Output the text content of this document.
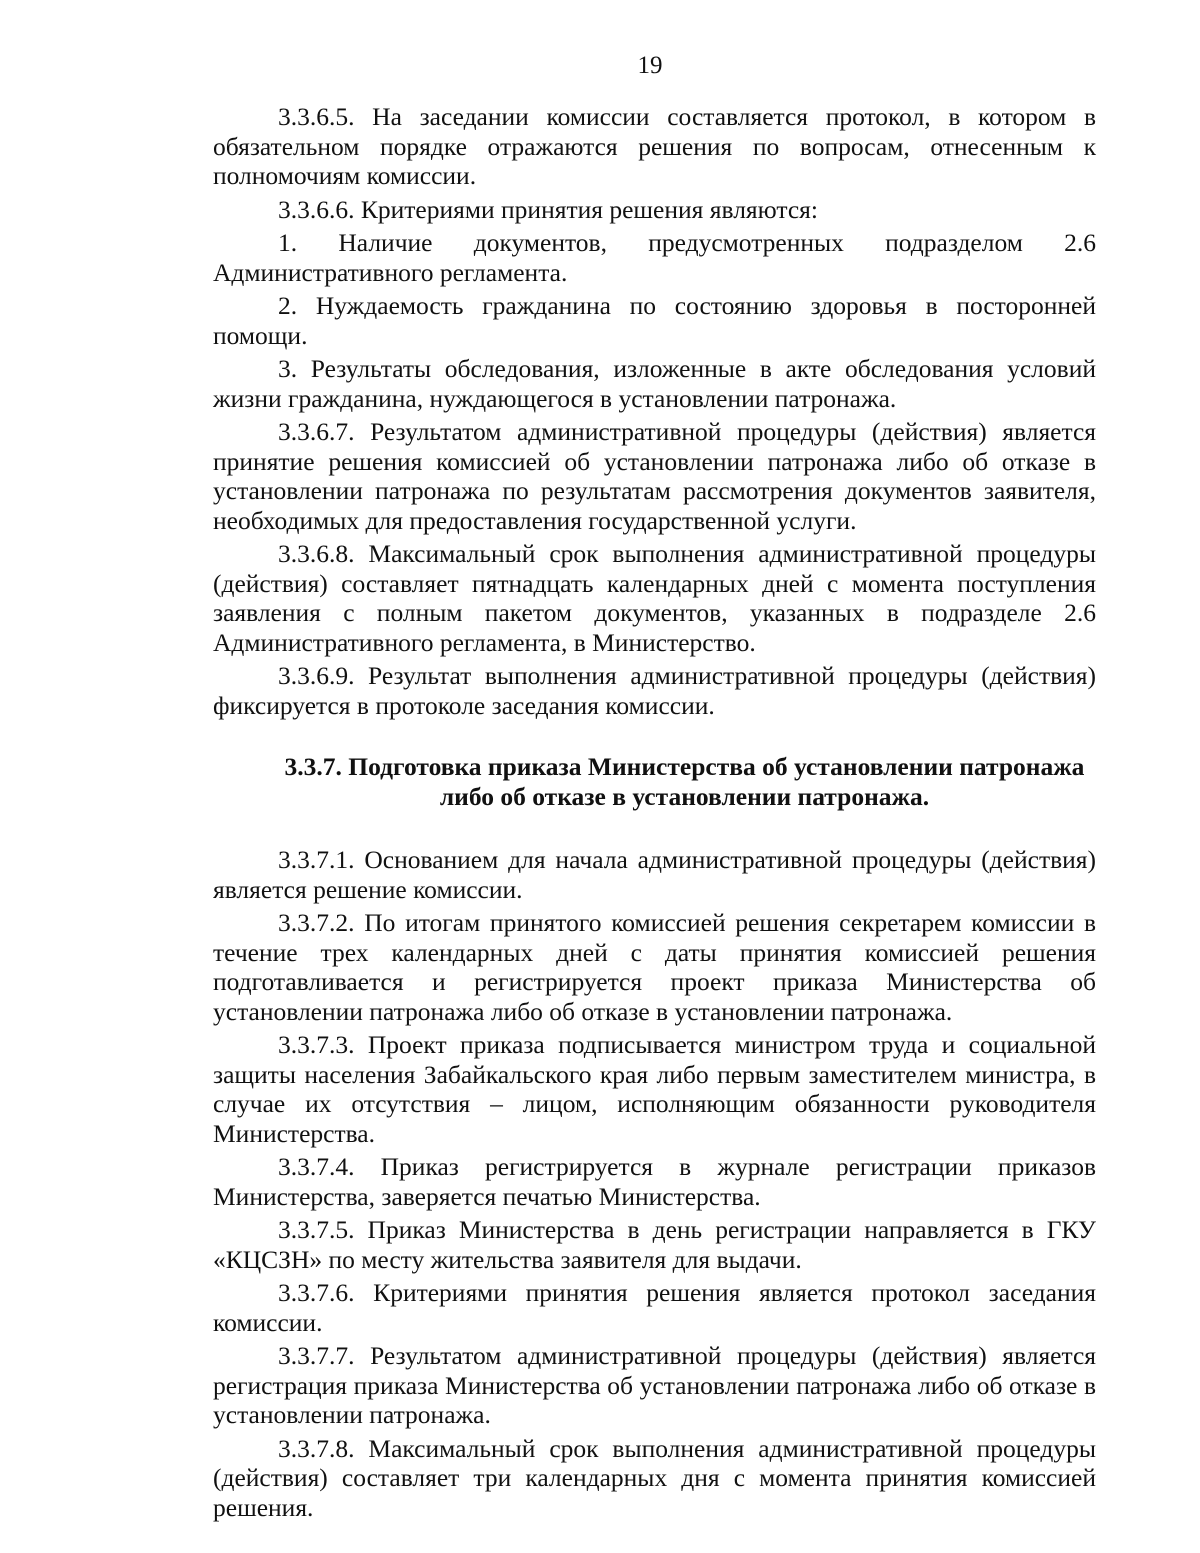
19

3.3.6.5. На заседании комиссии составляется протокол, в котором в обязательном порядке отражаются решения по вопросам, отнесенным к полномочиям комиссии.

3.3.6.6. Критериями принятия решения являются:

1. Наличие документов, предусмотренных подразделом 2.6 Административного регламента.

2. Нуждаемость гражданина по состоянию здоровья в посторонней помощи.

3. Результаты обследования, изложенные в акте обследования условий жизни гражданина, нуждающегося в установлении патронажа.

3.3.6.7. Результатом административной процедуры (действия) является принятие решения комиссией об установлении патронажа либо об отказе в установлении патронажа по результатам рассмотрения документов заявителя, необходимых для предоставления государственной услуги.

3.3.6.8. Максимальный срок выполнения административной процедуры (действия) составляет пятнадцать календарных дней с момента поступления заявления с полным пакетом документов, указанных в подразделе 2.6 Административного регламента, в Министерство.

3.3.6.9. Результат выполнения административной процедуры (действия) фиксируется в протоколе заседания комиссии.

3.3.7. Подготовка приказа Министерства об установлении патронажа
либо об отказе в установлении патронажа.

3.3.7.1. Основанием для начала административной процедуры (действия) является решение комиссии.

3.3.7.2. По итогам принятого комиссией решения секретарем комиссии в течение трех календарных дней с даты принятия комиссией решения подготавливается и регистрируется проект приказа Министерства об установлении патронажа либо об отказе в установлении патронажа.

3.3.7.3. Проект приказа подписывается министром труда и социальной защиты населения Забайкальского края либо первым заместителем министра, в случае их отсутствия – лицом, исполняющим обязанности руководителя Министерства.

3.3.7.4. Приказ регистрируется в журнале регистрации приказов Министерства, заверяется печатью Министерства.

3.3.7.5. Приказ Министерства в день регистрации направляется в ГКУ «КЦСЗН» по месту жительства заявителя для выдачи.

3.3.7.6. Критериями принятия решения является протокол заседания комиссии.

3.3.7.7. Результатом административной процедуры (действия) является регистрация приказа Министерства об установлении патронажа либо об отказе в установлении патронажа.

3.3.7.8. Максимальный срок выполнения административной процедуры (действия) составляет три календарных дня с момента принятия комиссией решения.
